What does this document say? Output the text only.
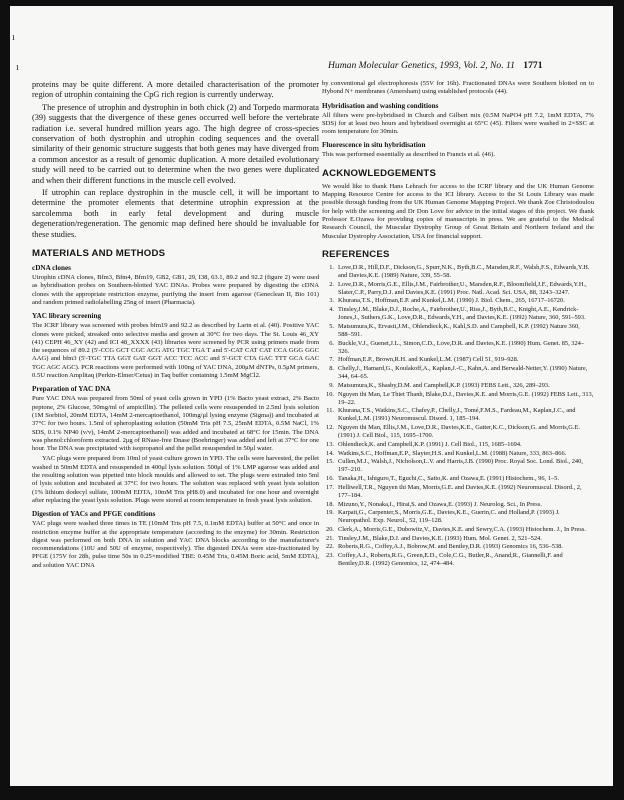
ı
ı	Human Molecular Genetics, 1993, Vol. 2, No. 11 1771

proteins may be quite different. A more detailed characterisation of the promoter region of utrophin containing the CpG rich region is currently underway.

The presence of utrophin and dystrophin in both chick (2) and Torpedo marmorata (39) suggests that the divergence of these genes occurred well before the vertebrate radiation i.e. several hundred million years ago. The high degree of cross-species conservation of both dystrophin and utrophin coding sequences and the overall similarity of their genomic structure suggests that both genes may have diverged from a common ancestor as a result of genomic duplication. A more detailed evolutionary study will need to be carried out to determine when the two genes were duplicated and when their different functions in the muscle cell evolved.

If utrophin can replace dystrophin in the muscle cell, it will be important to determine the promoter elements that determine utrophin expression at the sarcolemma both in early fetal development and during muscle degeneration/regeneration. The genomic map defined here should be invaluable for these studies.

MATERIALS AND METHODS
cDNA clones

Utrophin cDNA clones, Bfm3, Bfm4, Bfm19, GB2, GB1, 29, I38, 63.1, 89.2 and 92.2 (figure 2) were used as hybridisation probes on Southern-blotted YAC DNAs. Probes were prepared by digesting the cDNA clones with the appropriate restriction enzyme, purifying the insert from agarose (Geneclean II, Bio 101) and random primed radiolabelling 25ng of insert (Pharmacia).

YAC library screening

The ICRF library was screened with probes bfm19 and 92.2 as described by Larin et al. (40). Positive YAC clones were picked, streaked onto selective media and grown at 30°C for two days. The St. Louis 46_XY (41) CEPH 46_XY (42) and ICI 48_XXXX (43) libraries were screened by PCR using primers made from the sequences of 89.2 (5'-CCG GCT CGC ACG ATG TGC TGA T and 5'-CAT CAT CAT CCA GGG GGC AAG) and bfm3 (5'-TGC TTA GGT GAT GGT ACC TCC ACC and 5'-GCT CTA GAC TTT GCA GAC TGC AGC AGC). PCR reactions were performed with 100ng of YAC DNA, 200μM dNTPs, 0.5μM primers, 0.5U reaction Amplitaq (Perkin-Elmer/Cetus) in Taq buffer containing 1.5mM MgCl2.

Preparation of YAC DNA

Pure YAC DNA was prepared from 50ml of yeast cells grown in YPD (1% Bacto yeast extract, 2% Bacto peptone, 2% Glucose, 50mg/ml of ampicillin). The pelleted cells were resuspended in 2.5ml lysis solution (1M Sorbitol, 20mM EDTA, 14mM 2-mercaptoethanol, 100mg/μl lysing enzyme (Sigma)) and incubated at 37°C for two hours. 1.5ml of spheroplasting solution (50mM Tris pH 7.5, 25mM EDTA, 0.5M NaCl, 1% SDS, 0.1% NP40 (v/v), 14mM 2-mercaptoethanol) was added and incubated at 68°C for 15min. The DNA was phenol:chloroform extracted. 2μg of RNase-free Dnase (Boehringer) was added and left at 37°C for one hour. The DNA was precipitated with isopropanol and the pellet resuspended in 50μl water.

YAC plugs were prepared from 10ml of yeast culture grown in YPD. The cells were harvested, the pellet washed in 50mM EDTA and resuspended in 400μl lysis solution. 500μl of 1% LMP agarose was added and the resulting solution was pipetted into block moulds and allowed to set. The plugs were extruded into 5ml of lysis solution and incubated at 37°C for two hours. The solution was replaced with yeast lysis solution (1% lithium dodecyl sulfate, 100mM EDTA, 10mM Tris pH8.0) and incubated for one hour and overnight after replacing the yeast lysis solution. Plugs were stored at room temperature in fresh yeast lysis solution.

Digestion of YACs and PFGE conditions

YAC plugs were washed three times in TE (10mM Tris pH 7.5, 0.1mM EDTA) buffer at 50°C and once in restriction enzyme buffer at the appropriate temperature (according to the enzyme) for 30min. Restriction digest was performed on both DNA in solution and YAC DNA blocks according to the manufacturer's recommendations (10U and 50U of enzyme, respectively). The digested DNAs were size-fractionated by PFGE (175V for 28h, pulse time 50s in 0.25×modified TBE: 0.45M Tris, 0.45M Boric acid, 5mM EDTA), and solution YAC DNA

by conventional gel electrophoresis (55V for 16h). Fractionated DNAs were Southern blotted on to Hybond N+ membranes (Amersham) using established protocols (44).

Hybridisation and washing conditions

All filters were pre-hybridised in Church and Gilbert mix (0.5M NaPO4 pH 7.2, 1mM EDTA, 7% SDS) for at least two hours and hybridised overnight at 65°C (45). Filters were washed in 2×SSC at room temperature for 30min.

Fluorescence in situ hybridisation

This was performed essentially as described in Francis et al. (46).

ACKNOWLEDGEMENTS

We would like to thank Hans Lehrach for access to the ICRF library and the UK Human Genome Mapping Resource Centre for access to the ICI library. Access to the St Louis Library was made possible through funding from the UK Human Genome Mapping Project. We thank Zoe Christodoulou for help with the screening and Dr Don Love for advice in the initial stages of this project. We thank Professor E.Ozawa for providing copies of manuscripts in press. We are grateful to the Medical Research Council, the Muscular Dystrophy Group of Great Britain and Northern Ireland and the Muscular Dystrophy Association, USA for financial support.

REFERENCES
1. Love,D.R., Hill,D.F., Dickson,G., Spurr,N.K., Byth,B.C., Marsden,R.F., Walsh,F.S., Edwards,Y.H. and Davies,K.E. (1989) Nature, 339, 55–58.
2. Love,D.R., Morris,G.E., Ellis,J.M., Fairbrother,U., Marsden,R.F., Bloomfield,J.F., Edwards,Y.H., Slater,C.P., Parry,D.J. and Davies,K.E. (1991) Proc. Natl. Acad. Sci. USA, 88, 3243–3247.
3. Khurana,T.S., Hoffman,E.P. and Kunkel,L.M. (1990) J. Biol. Chem., 265, 16717–16720.
4. Tinsley,J.M., Blake,D.J., Roche,A., Fairbrother,U., Riss,J., Byth,B.C., Knight,A.E., Kendrick-Jones,J., Suthers,G.K., Love,D.R., Edwards,Y.H., and Davies,K.E. (1992) Nature, 360, 591–593.
5. Matsumura,K., Ervasti,J.M., Ohlendieck,K., Kahl,S.D. and Campbell, K.P. (1992) Nature 360, 588–591.
6. Buckle,V.J., Guenet,J.L., Simon,C.D., Love,D.R. and Davies,K.E. (1990) Hum. Genet. 85, 324–326.
7. Hoffman,E.P., Brown,R.H. and Kunkel,L.M. (1987) Cell 51, 919–928.
8. Chelly,J., Hamard,G., Koulakoff,A., Kaplan,J.-C., Kahn,A. and Berwald-Netter,Y. (1990) Nature, 344, 64–65.
9. Matsumura,K., Shasby,D.M. and Campbell,K.P. (1993) FEBS Lett., 326, 289–293.
10. Nguyen thi Man, Le Thiet Thanh, Blake,D.J., Davies,K.E. and Morris,G.E. (1992) FEBS Lett., 313, 19–22.
11. Khurana,T.S., Watkins,S.C., Chafey,P., Chelly,J., Tomé,F.M.S., Fardeau,M., Kaplan,J.C., and Kunkel,L.M. (1991) Neuromuscul. Disord. 1, 185–194.
12. Nguyen thi Man, Ellis,J.M., Love,D.R., Davies,K.E., Gatter,K.C., Dickson,G. and Morris,G.E. (1991) J. Cell Biol., 115, 1695–1700.
13. Ohlendieck,K. and Campbell,K.P. (1991) J. Cell Biol., 115, 1685–1694.
14. Watkins,S.C., Hoffman,E.P., Slayter,H.S. and Kunkel,L.M. (1988) Nature, 333, 863–866.
15. Cullen,M.J., Walsh,J., Nicholson,L.V. and Harris,J.B. (1990) Proc. Royal Soc. Lond. Biol., 240, 197–210.
16. Tanaka,H., Ishiguro,T., Eguchi,C., Saito,K. and Ozawa,E. (1991) Histochem., 96, 1–5.
17. Helliwell,T.R., Nguyen thi Man, Morris,G.E. and Davies,K.E. (1992) Neuromuscul. Disord., 2, 177–184.
18. Mizuno,Y., Nonaka,I., Hirai,S. and Ozawa,E. (1993) J. Neurolog. Sci., In Press.
19. Karpati,G., Carpenter,S., Morris,G.E., Davies,K.E., Guerin,C. and Holland,P. (1993) J. Neuropathol. Exp. Neurol., 52, 119–128.
20. Clerk,A., Morris,G.E., Dubowitz,V., Davies,K.E. and Sewry,C.A. (1993) Histochem. J., In Press.
21. Tinsley,J.M., Blake,D.J. and Davies,K.E. (1993) Hum. Mol. Genet. 2, 521–524.
22. Roberts,R.G., Coffey,A.J., Bobrow,M. and Bentley,D.R. (1993) Genomics 16, 536–538.
23. Coffey,A.J., Roberts,R.G., Green,E.D., Cole,C.G., Butler,R., Anand,R., Giannelli,F. and Bentley,D.R. (1992) Genomics, 12, 474–484.
